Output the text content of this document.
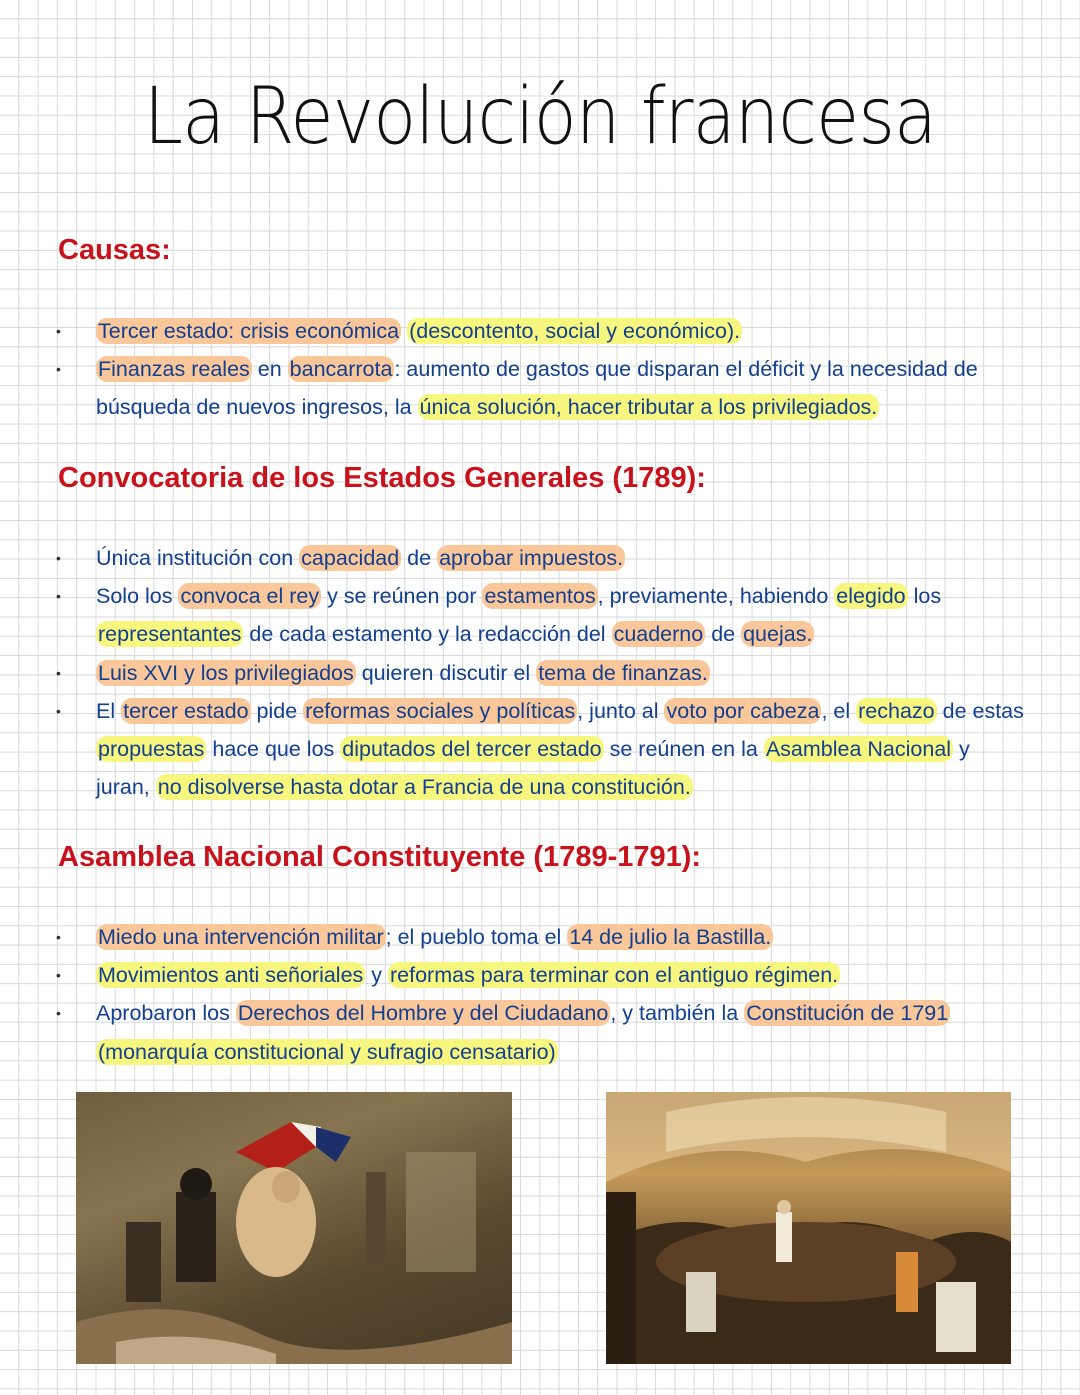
La Revolución francesa
Causas:
• Tercer estado: crisis económica (descontento, social y económico).
• Finanzas reales en bancarrota: aumento de gastos que disparan el déficit y la necesidad de búsqueda de nuevos ingresos, la única solución, hacer tributar a los privilegiados.
Convocatoria de los Estados Generales (1789):
• Única institución con capacidad de aprobar impuestos.
• Solo los convoca el rey y se reúnen por estamentos, previamente, habiendo elegido los representantes de cada estamento y la redacción del cuaderno de quejas.
• Luis XVI y los privilegiados quieren discutir el tema de finanzas.
• El tercer estado pide reformas sociales y políticas, junto al voto por cabeza, el rechazo de estas propuestas hace que los diputados del tercer estado se reúnen en la Asamblea Nacional y juran, no disolverse hasta dotar a Francia de una constitución.
Asamblea Nacional Constituyente (1789-1791):
• Miedo una intervención militar; el pueblo toma el 14 de julio la Bastilla.
• Movimientos anti señoriales y reformas para terminar con el antiguo régimen.
• Aprobaron los Derechos del Hombre y del Ciudadano, y también la Constitución de 1791 (monarquía constitucional y sufragio censatario)
